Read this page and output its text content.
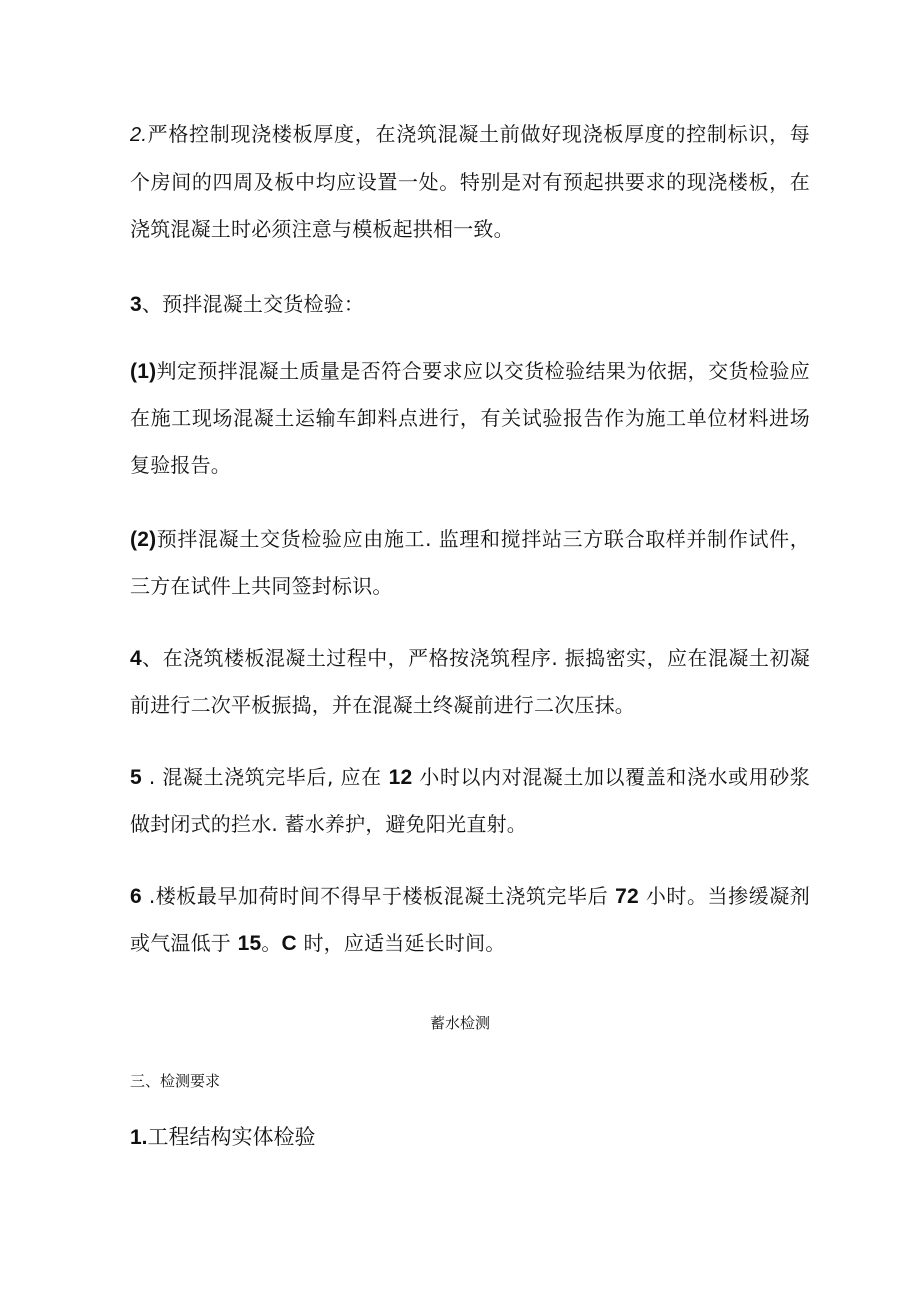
2.严格控制现浇楼板厚度，在浇筑混凝土前做好现浇板厚度的控制标识，每
个房间的四周及板中均应设置一处。特别是对有预起拱要求的现浇楼板，在
浇筑混凝土时必须注意与模板起拱相一致。
3、预拌混凝土交货检验：
(1)判定预拌混凝土质量是否符合要求应以交货检验结果为依据，交货检验应
在施工现场混凝土运输车卸料点进行，有关试验报告作为施工单位材料进场
复验报告。
(2)预拌混凝土交货检验应由施工. 监理和搅拌站三方联合取样并制作试件，
三方在试件上共同签封标识。
4、在浇筑楼板混凝土过程中，严格按浇筑程序. 振捣密实，应在混凝土初凝
前进行二次平板振捣，并在混凝土终凝前进行二次压抹。
5 . 混凝土浇筑完毕后, 应在 12 小时以内对混凝土加以覆盖和浇水或用砂浆
做封闭式的拦水. 蓄水养护，避免阳光直射。
6 .楼板最早加荷时间不得早于楼板混凝土浇筑完毕后 72 小时。当掺缓凝剂
或气温低于 15。C 时，应适当延长时间。
蓄水检测
三、检测要求
1.工程结构实体检验
